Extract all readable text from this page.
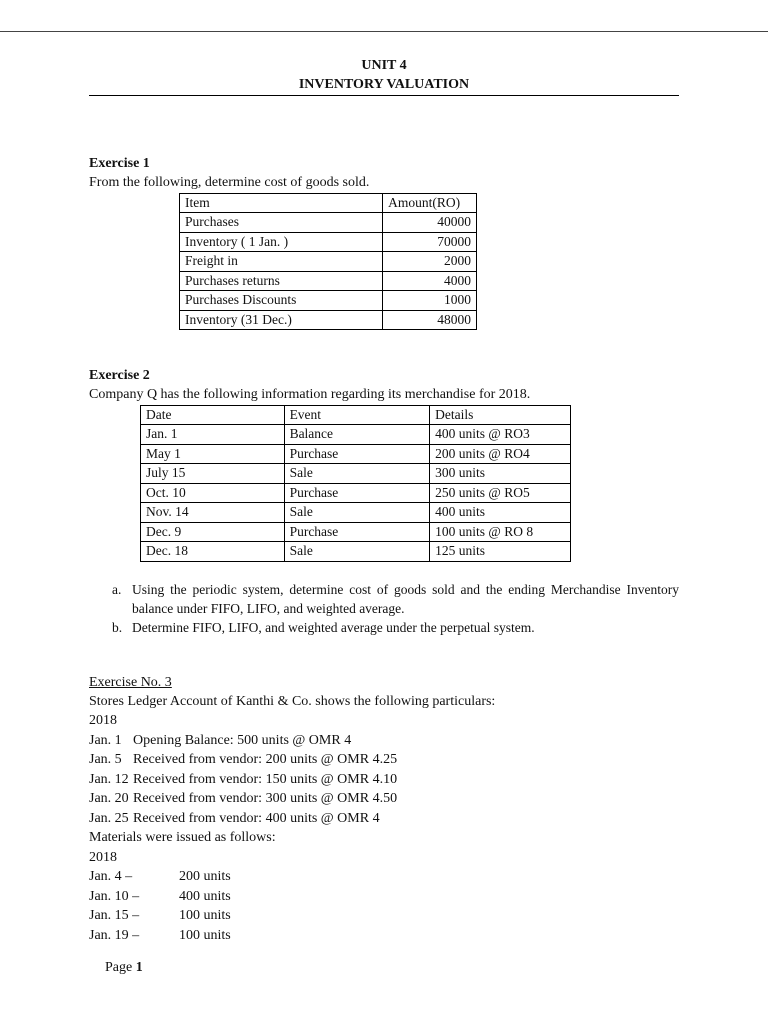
UNIT 4
INVENTORY VALUATION
Exercise 1
From the following, determine cost of goods sold.
Item	Amount(RO)
Purchases	40000
Inventory ( 1 Jan. )	70000
Freight in	2000
Purchases returns	4000
Purchases Discounts	1000
Inventory (31 Dec.)	48000
Exercise 2
Company Q has the following information regarding its merchandise for 2018.
Date	Event	Details
Jan. 1	Balance	400 units @ RO3
May 1	Purchase	200 units @ RO4
July 15	Sale	300 units
Oct. 10	Purchase	250 units @ RO5
Nov. 14	Sale	400 units
Dec. 9	Purchase	100 units @ RO 8
Dec. 18	Sale	125 units
a. Using the periodic system, determine cost of goods sold and the ending Merchandise Inventory balance under FIFO, LIFO, and weighted average.
b. Determine FIFO, LIFO, and weighted average under the perpetual system.
Exercise No. 3
Stores Ledger Account of Kanthi & Co. shows the following particulars:
2018
Jan. 1 Opening Balance: 500 units @ OMR 4
Jan. 5 Received from vendor: 200 units @ OMR 4.25
Jan. 12 Received from vendor: 150 units @ OMR 4.10
Jan. 20 Received from vendor: 300 units @ OMR 4.50
Jan. 25 Received from vendor: 400 units @ OMR 4
Materials were issued as follows:
2018
Jan. 4 –	200 units
Jan. 10 –	400 units
Jan. 15 –	100 units
Jan. 19 –	100 units
Page 1
